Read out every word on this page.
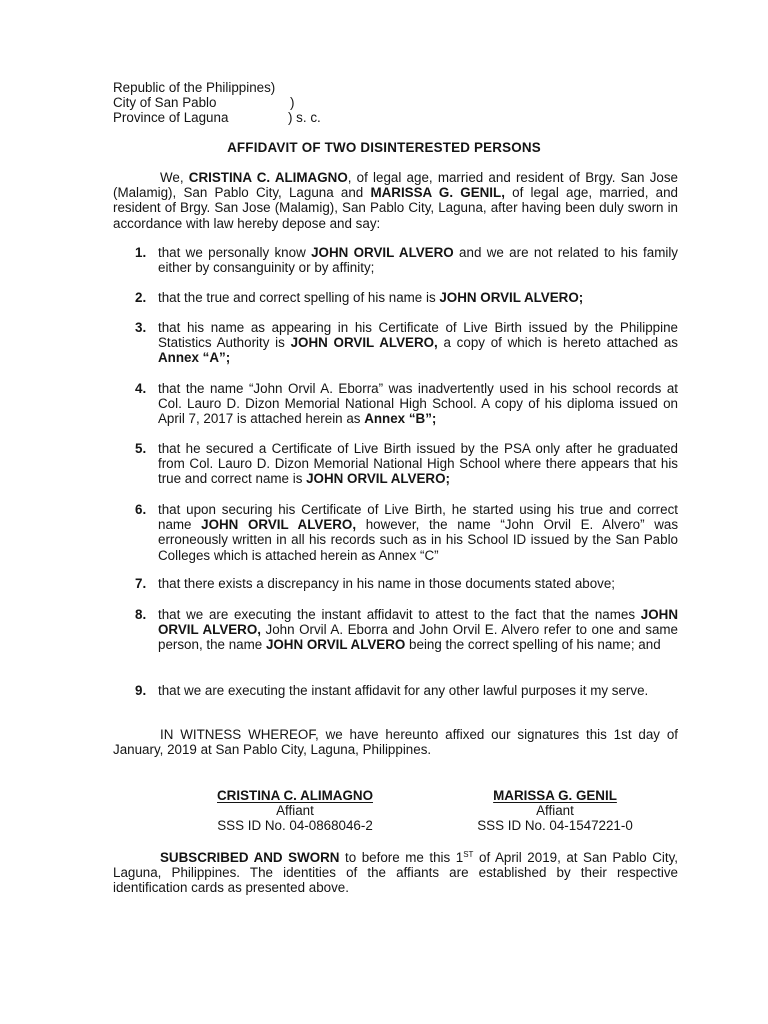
Republic of the Philippines)
City of San Pablo	)
Province of Laguna	) s. c.
AFFIDAVIT OF TWO DISINTERESTED PERSONS
We, CRISTINA C. ALIMAGNO, of legal age, married and resident of Brgy. San Jose (Malamig), San Pablo City, Laguna and MARISSA G. GENIL, of legal age, married, and resident of Brgy. San Jose (Malamig), San Pablo City, Laguna, after having been duly sworn in accordance with law hereby depose and say:
1. that we personally know JOHN ORVIL ALVERO and we are not related to his family either by consanguinity or by affinity;
2. that the true and correct spelling of his name is JOHN ORVIL ALVERO;
3. that his name as appearing in his Certificate of Live Birth issued by the Philippine Statistics Authority is JOHN ORVIL ALVERO, a copy of which is hereto attached as Annex “A”;
4. that the name “John Orvil A. Eborra” was inadvertently used in his school records at Col. Lauro D. Dizon Memorial National High School. A copy of his diploma issued on April 7, 2017 is attached herein as Annex “B”;
5. that he secured a Certificate of Live Birth issued by the PSA only after he graduated from Col. Lauro D. Dizon Memorial National High School where there appears that his true and correct name is JOHN ORVIL ALVERO;
6. that upon securing his Certificate of Live Birth, he started using his true and correct name JOHN ORVIL ALVERO, however, the name “John Orvil E. Alvero” was erroneously written in all his records such as in his School ID issued by the San Pablo Colleges which is attached herein as Annex “C”
7. that there exists a discrepancy in his name in those documents stated above;
8. that we are executing the instant affidavit to attest to the fact that the names JOHN ORVIL ALVERO, John Orvil A. Eborra and John Orvil E. Alvero refer to one and same person, the name JOHN ORVIL ALVERO being the correct spelling of his name; and
9. that we are executing the instant affidavit for any other lawful purposes it my serve.
IN WITNESS WHEREOF, we have hereunto affixed our signatures this 1st day of January, 2019 at San Pablo City, Laguna, Philippines.
CRISTINA C. ALIMAGNO
Affiant
SSS ID No. 04-0868046-2
MARISSA G. GENIL
Affiant
SSS ID No. 04-1547221-0
SUBSCRIBED AND SWORN to before me this 1ST of April 2019, at San Pablo City, Laguna, Philippines. The identities of the affiants are established by their respective identification cards as presented above.
